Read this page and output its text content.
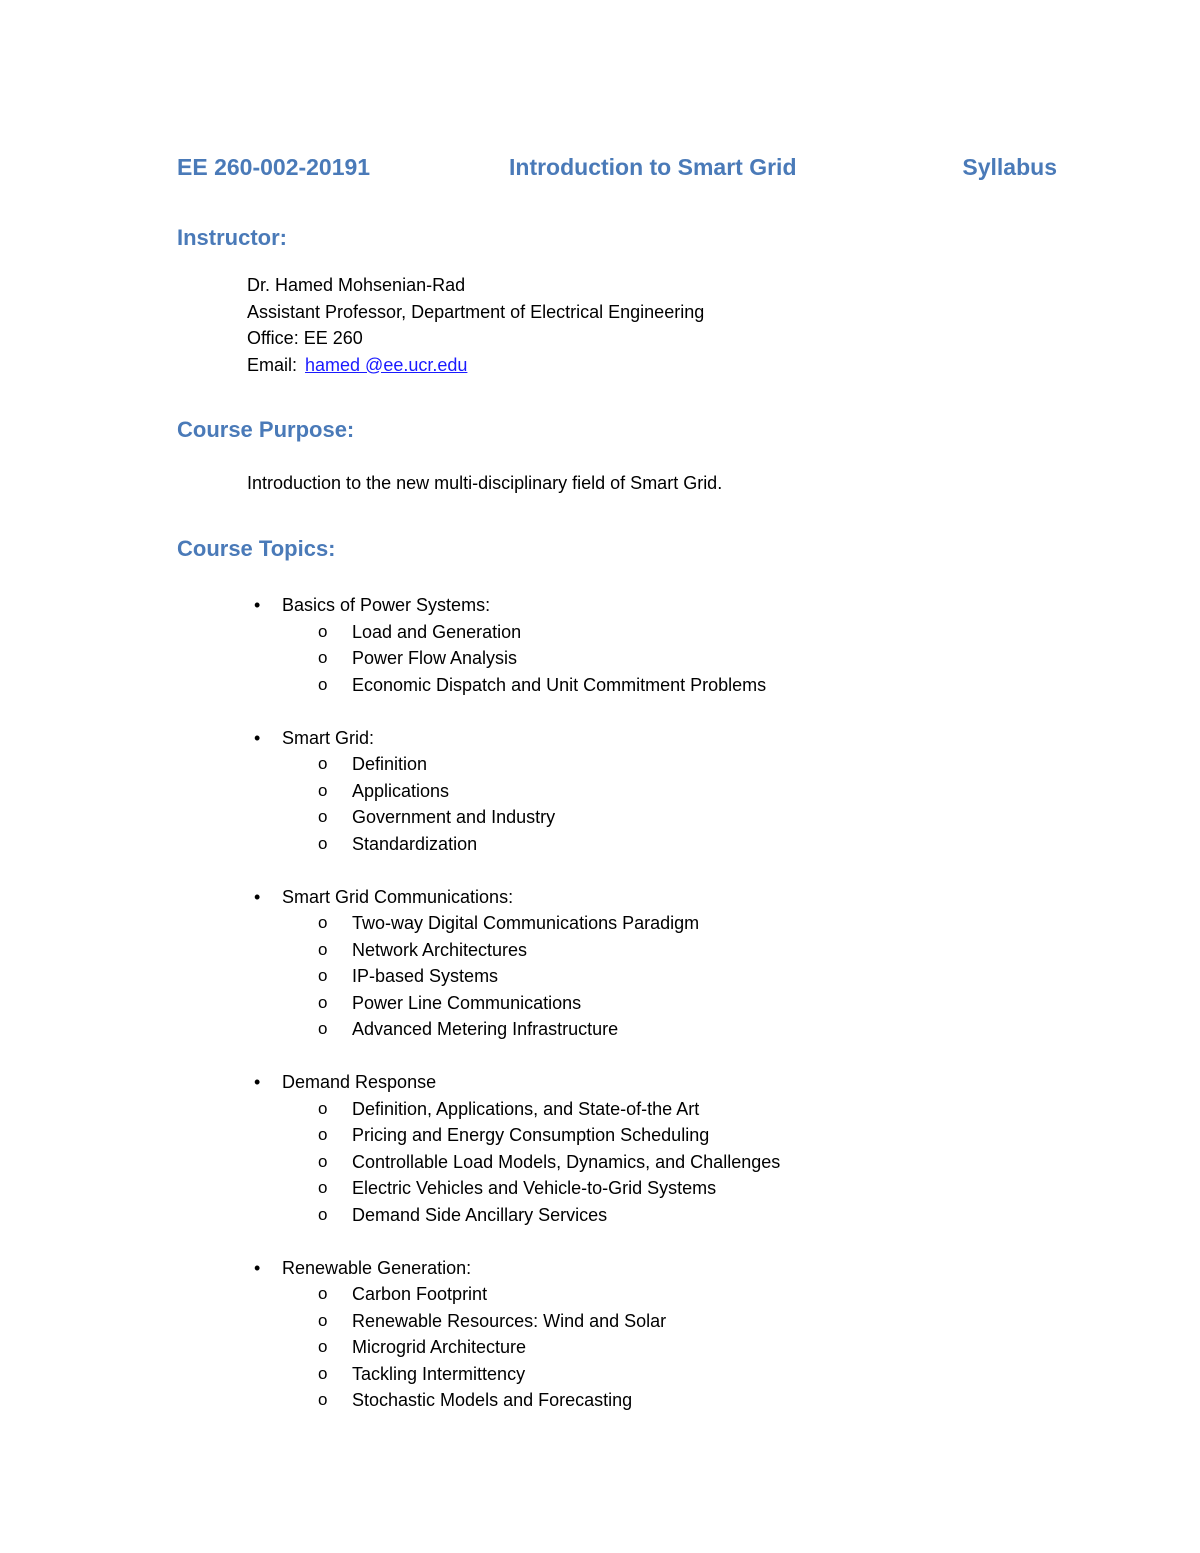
EE 260-002-20191	Introduction to Smart Grid	Syllabus
Instructor:
Dr. Hamed Mohsenian-Rad
Assistant Professor, Department of Electrical Engineering
Office: EE 260
Email: hamed @ee.ucr.edu
Course Purpose:
Introduction to the new multi-disciplinary field of Smart Grid.
Course Topics:
• Basics of Power Systems:
o Load and Generation
o Power Flow Analysis
o Economic Dispatch and Unit Commitment Problems
• Smart Grid:
o Definition
o Applications
o Government and Industry
o Standardization
• Smart Grid Communications:
o Two-way Digital Communications Paradigm
o Network Architectures
o IP-based Systems
o Power Line Communications
o Advanced Metering Infrastructure
• Demand Response
o Definition, Applications, and State-of-the Art
o Pricing and Energy Consumption Scheduling
o Controllable Load Models, Dynamics, and Challenges
o Electric Vehicles and Vehicle-to-Grid Systems
o Demand Side Ancillary Services
• Renewable Generation:
o Carbon Footprint
o Renewable Resources: Wind and Solar
o Microgrid Architecture
o Tackling Intermittency
o Stochastic Models and Forecasting
